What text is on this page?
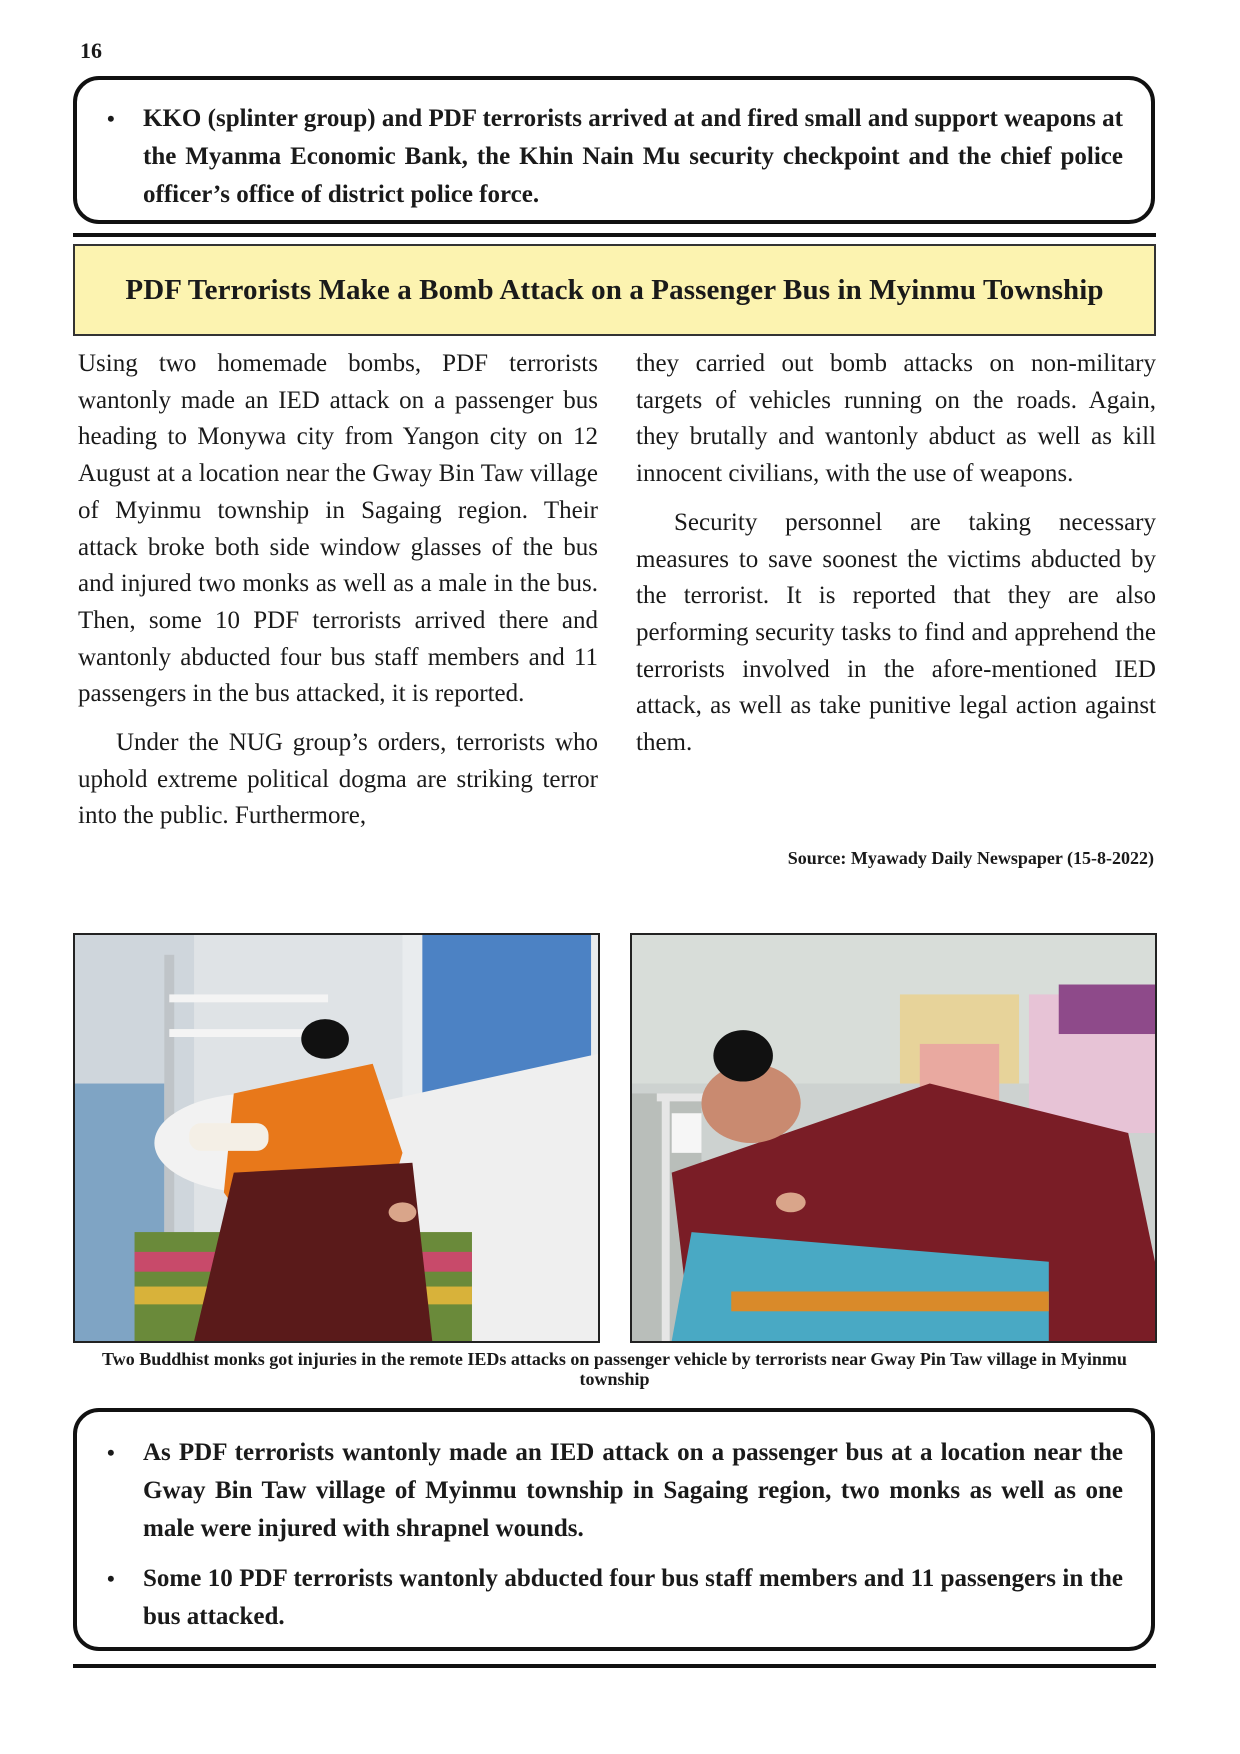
16
• KKO (splinter group) and PDF terrorists arrived at and fired small and support weapons at the Myanma Economic Bank, the Khin Nain Mu security checkpoint and the chief police officer’s office of district police force.
PDF Terrorists Make a Bomb Attack on a Passenger Bus in Myinmu Township

Using two homemade bombs, PDF terrorists wantonly made an IED attack on a passenger bus heading to Monywa city from Yangon city on 12 August at a location near the Gway Bin Taw village of Myinmu township in Sagaing region. Their attack broke both side window glasses of the bus and injured two monks as well as a male in the bus. Then, some 10 PDF terrorists arrived there and wantonly abducted four bus staff members and 11 passengers in the bus attacked, it is reported.

Under the NUG group’s orders, terrorists who uphold extreme political dogma are striking terror into the public. Furthermore,

they carried out bomb attacks on non-military targets of vehicles running on the roads. Again, they brutally and wantonly abduct as well as kill innocent civilians, with the use of weapons.

Security personnel are taking necessary measures to save soonest the victims abducted by the terrorist. It is reported that they are also performing security tasks to find and apprehend the terrorists involved in the afore-mentioned IED attack, as well as take punitive legal action against them.

Source: Myawady Daily Newspaper (15-8-2022)
Two Buddhist monks got injuries in the remote IEDs attacks on passenger vehicle by terrorists near Gway Pin Taw village in Myinmu township
• As PDF terrorists wantonly made an IED attack on a passenger bus at a location near the Gway Bin Taw village of Myinmu township in Sagaing region, two monks as well as one male were injured with shrapnel wounds.
• Some 10 PDF terrorists wantonly abducted four bus staff members and 11 passengers in the bus attacked.
